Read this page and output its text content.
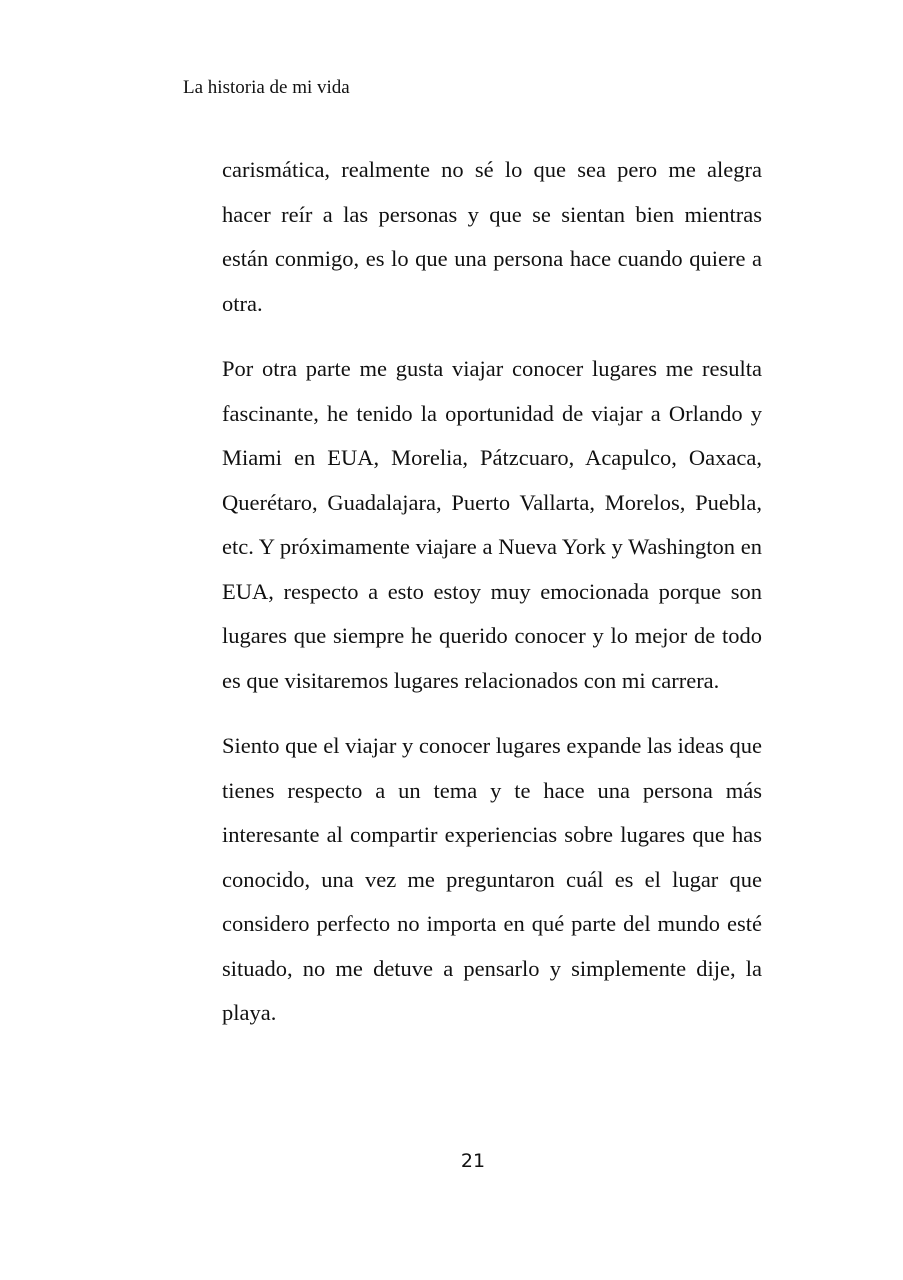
La historia de mi vida

carismática, realmente no sé lo que sea pero me alegra hacer reír a las personas y que se sientan bien mientras están conmigo, es lo que una persona hace cuando quiere a otra.

Por otra parte me gusta viajar conocer lugares me resulta fascinante, he tenido la oportunidad de viajar a Orlando y Miami en EUA, Morelia, Pátzcuaro, Acapulco, Oaxaca, Querétaro, Guadalajara, Puerto Vallarta, Morelos, Puebla, etc. Y próximamente viajare a Nueva York y Washington en EUA, respecto a esto estoy muy emocionada porque son lugares que siempre he querido conocer y lo mejor de todo es que visitaremos lugares relacionados con mi carrera.

Siento que el viajar y conocer lugares expande las ideas que tienes respecto a un tema y te hace una persona más interesante al compartir experiencias sobre lugares que has conocido, una vez me preguntaron cuál es el lugar que considero perfecto no importa en qué parte del mundo esté situado, no me detuve a pensarlo y simplemente dije, la playa.

21
